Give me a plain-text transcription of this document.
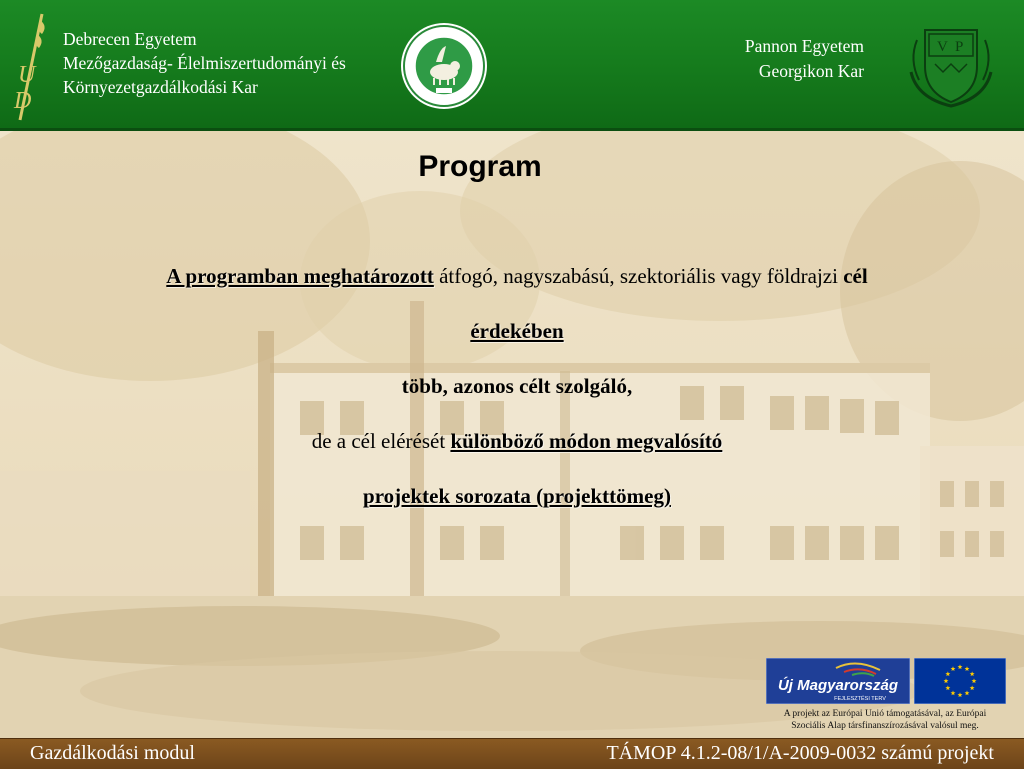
U
D
Debrecen Egyetem
Mezőgazdaság- Élelmiszertudományi és
Környezetgazdálkodási Kar
Pannon Egyetem
Georgikon Kar
V P
Program
A programban meghatározott átfogó, nagyszabású, szektoriális vagy földrajzi cél
érdekében
több, azonos célt szolgáló,
de a cél elérését különböző módon megvalósító
projektek sorozata (projekttömeg)
Új Magyarország
FEJLESZTÉSI TERV
A projekt az Európai Unió támogatásával, az Európai
Szociális Alap társfinanszírozásával valósul meg.
Gazdálkodási modul	TÁMOP 4.1.2-08/1/A-2009-0032 számú projekt
